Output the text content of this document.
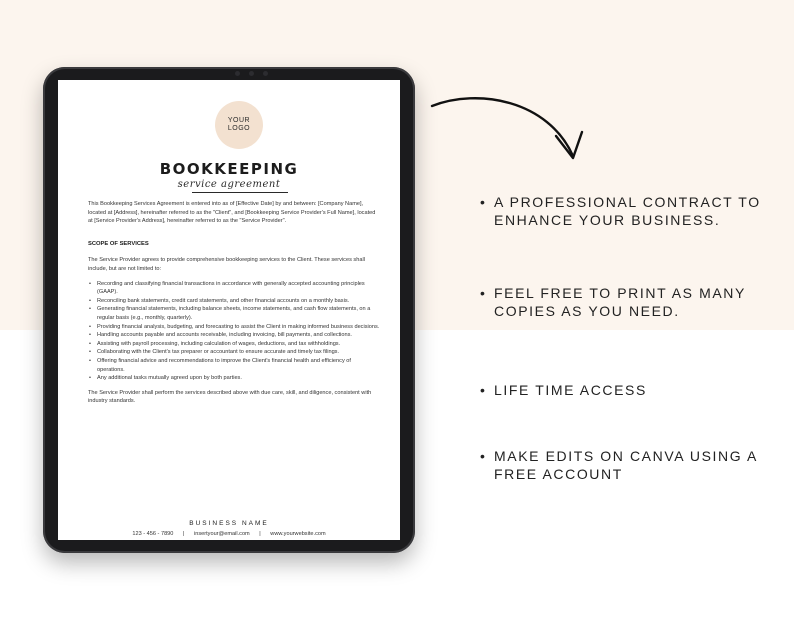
YOUR
LOGO
BOOKKEEPING
service agreement

This Bookkeeping Services Agreement is entered into as of [Effective Date] by and between: [Company Name], located at [Address], hereinafter referred to as the "Client", and [Bookkeeping Service Provider's Full Name], located at [Service Provider's Address], hereinafter referred to as the "Service Provider".

SCOPE OF SERVICES

The Service Provider agrees to provide comprehensive bookkeeping services to the Client. These services shall include, but are not limited to:

• Recording and classifying financial transactions in accordance with generally accepted accounting principles (GAAP).
• Reconciling bank statements, credit card statements, and other financial accounts on a monthly basis.
• Generating financial statements, including balance sheets, income statements, and cash flow statements, on a regular basis (e.g., monthly, quarterly).
• Providing financial analysis, budgeting, and forecasting to assist the Client in making informed business decisions.
• Handling accounts payable and accounts receivable, including invoicing, bill payments, and collections.
• Assisting with payroll processing, including calculation of wages, deductions, and tax withholdings.
• Collaborating with the Client's tax preparer or accountant to ensure accurate and timely tax filings.
• Offering financial advice and recommendations to improve the Client's financial health and efficiency of operations.
• Any additional tasks mutually agreed upon by both parties.

The Service Provider shall perform the services described above with due care, skill, and diligence, consistent with industry standards.

BUSINESS NAME
123 - 456 - 7890 | insertyour@email.com | www.yourwebsite.com
• A PROFESSIONAL CONTRACT TO ENHANCE YOUR BUSINESS.
• FEEL FREE TO PRINT AS MANY COPIES AS YOU NEED.
• LIFE TIME ACCESS
• MAKE EDITS ON CANVA USING A FREE ACCOUNT
